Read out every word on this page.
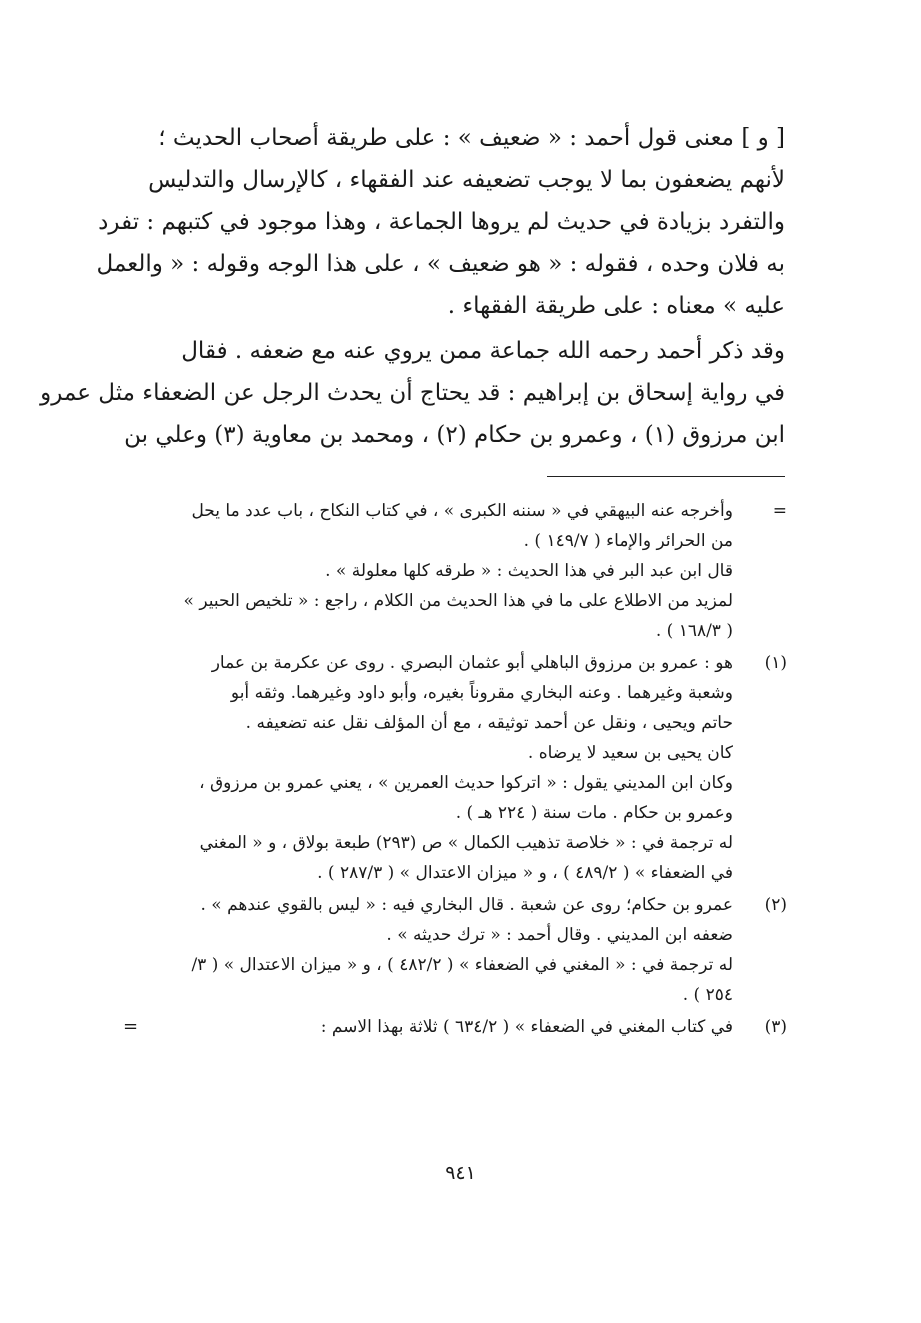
[ و ] معنى قول أحمد : « ضعيف » : على طريقة أصحاب الحديث ؛
لأنهم يضعفون بما لا يوجب تضعيفه عند الفقهاء ، كالإرسال والتدليس
والتفرد بزيادة في حديث لم يروها الجماعة ، وهذا موجود في كتبهم : تفرد
به فلان وحده ، فقوله : « هو ضعيف » ، على هذا الوجه وقوله : « والعمل
عليه » معناه : على طريقة الفقهاء .
وقد ذكر أحمد رحمه الله جماعة ممن يروي عنه مع ضعفه . فقال
في رواية إسحاق بن إبراهيم : قد يحتاج أن يحدث الرجل عن الضعفاء مثل عمرو
ابن مرزوق (١) ، وعمرو بن حكام (٢) ، ومحمد بن معاوية (٣) وعلي بن
=
وأخرجه عنه البيهقي في « سننه الكبرى » ، في كتاب النكاح ، باب عدد ما يحل
من الحرائر والإماء ( ١٤٩/٧ ) .
قال ابن عبد البر في هذا الحديث : « طرقه كلها معلولة » .
لمزيد من الاطلاع على ما في هذا الحديث من الكلام ، راجع : « تلخيص الحبير »
( ١٦٨/٣ ) .
(١)
هو : عمرو بن مرزوق الباهلي أبو عثمان البصري . روى عن عكرمة بن عمار
وشعبة وغيرهما . وعنه البخاري مقروناً بغيره، وأبو داود وغيرهما. وثقه أبو
حاتم ويحيى ، ونقل عن أحمد توثيقه ، مع أن المؤلف نقل عنه تضعيفه .
كان يحيى بن سعيد لا يرضاه .
وكان ابن المديني يقول : « اتركوا حديث العمرين » ، يعني عمرو بن مرزوق ،
وعمرو بن حكام . مات سنة ( ٢٢٤ هـ ) .
له ترجمة في : « خلاصة تذهيب الكمال » ص (٢٩٣) طبعة بولاق ، و « المغني
في الضعفاء » ( ٤٨٩/٢ ) ، و « ميزان الاعتدال » ( ٢٨٧/٣ ) .
(٢)
عمرو بن حكام؛ روى عن شعبة . قال البخاري فيه : « ليس بالقوي عندهم » .
ضعفه ابن المديني . وقال أحمد : « ترك حديثه » .
له ترجمة في : « المغني في الضعفاء » ( ٤٨٢/٢ ) ، و « ميزان الاعتدال » ( ٣/
٢٥٤ ) .
(٣)
في كتاب المغني في الضعفاء » ( ٦٣٤/٢ ) ثلاثة بهذا الاسم :
=
٩٤١
